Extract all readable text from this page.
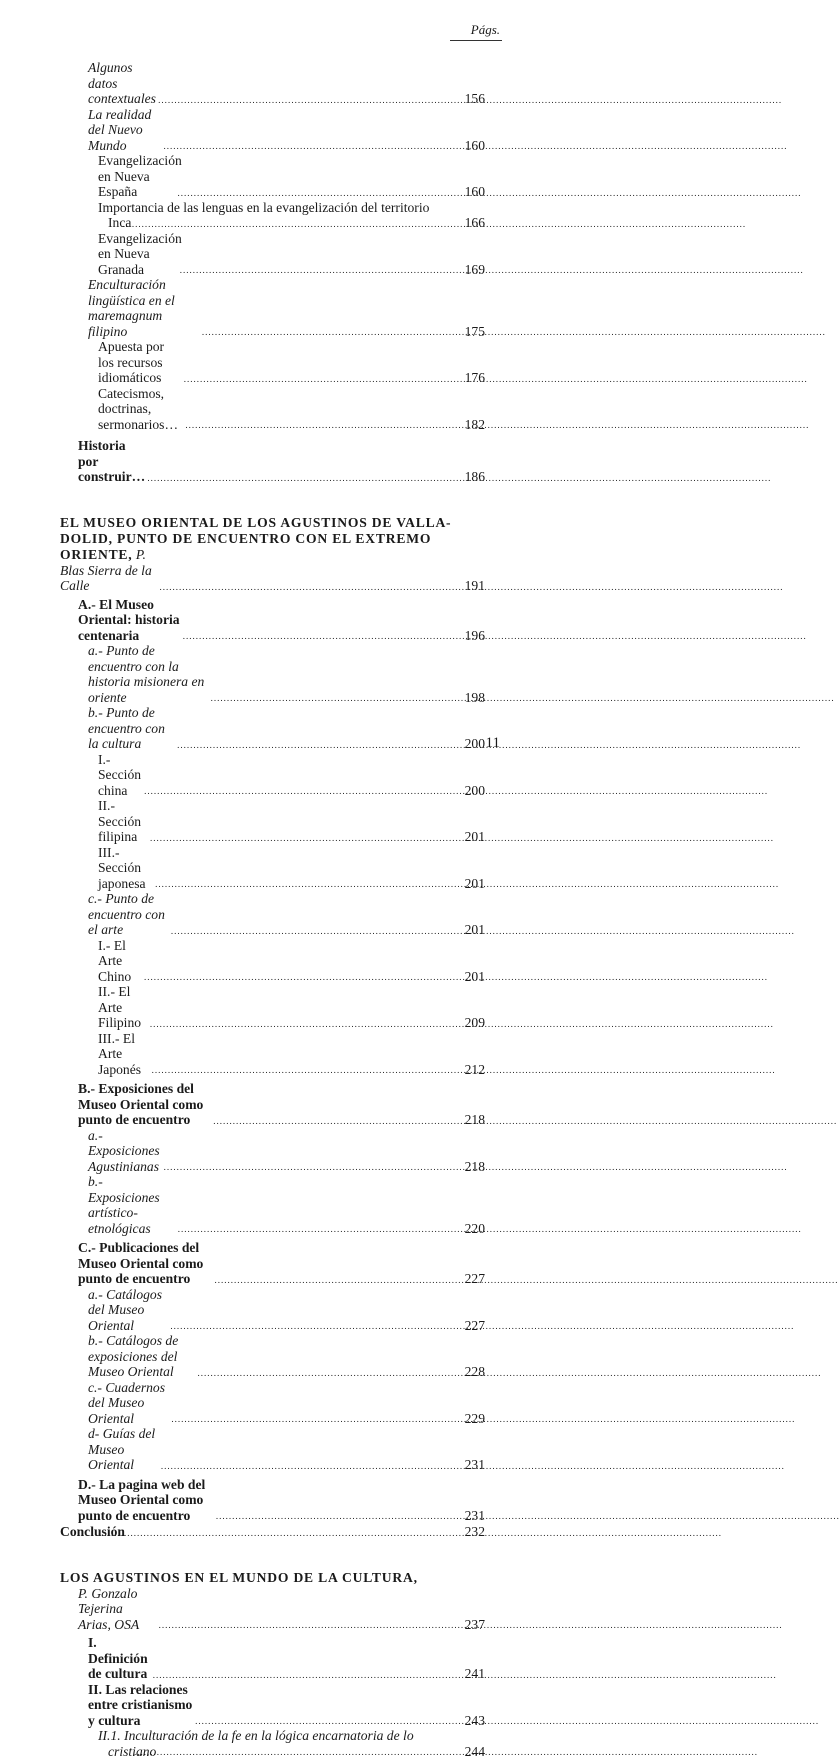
Págs.
Algunos datos contextuales .....	156
La realidad del Nuevo Mundo .....	160
Evangelización en Nueva España .....	160
Importancia de las lenguas en la evangelización del territorio
Inca .....	166
Evangelización en Nueva Granada .....	169
Enculturación lingüística en el maremagnum filipino .....	175
Apuesta por los recursos idiomáticos .....	176
Catecismos, doctrinas, sermonarios… .....	182
Historia por construir… .....	186
EL MUSEO ORIENTAL DE LOS AGUSTINOS DE VALLA-
DOLID, PUNTO DE ENCUENTRO CON EL EXTREMO
ORIENTE, P. Blas Sierra de la Calle .....	191
A.- El Museo Oriental: historia centenaria .....	196
a.- Punto de encuentro con la historia misionera en oriente .....	198
b.- Punto de encuentro con la cultura .....	200
I.- Sección china .....	200
II.- Sección filipina .....	201
III.- Sección japonesa .....	201
c.- Punto de encuentro con el arte .....	201
I.- El Arte Chino .....	201
II.- El Arte Filipino .....	209
III.- El Arte Japonés .....	212
B.- Exposiciones del Museo Oriental como punto de encuentro .....	218
a.- Exposiciones Agustinianas .....	218
b.- Exposiciones artístico-etnológicas .....	220
C.- Publicaciones del Museo Oriental como punto de encuentro .....	227
a.- Catálogos del Museo Oriental .....	227
b.- Catálogos de exposiciones del Museo Oriental .....	228
c.- Cuadernos del Museo Oriental .....	229
d- Guías del Museo Oriental .....	231
D.- La pagina web del Museo Oriental como punto de encuentro .....	231
Conclusión .....	232
LOS AGUSTINOS EN EL MUNDO DE LA CULTURA,
P. Gonzalo Tejerina Arias, OSA .....	237
I. Definición de cultura .....	241
II. Las relaciones entre cristianismo y cultura .....	243
II.1. Inculturación de la fe en la lógica encarnatoria de lo
cristiano .....	244
11
